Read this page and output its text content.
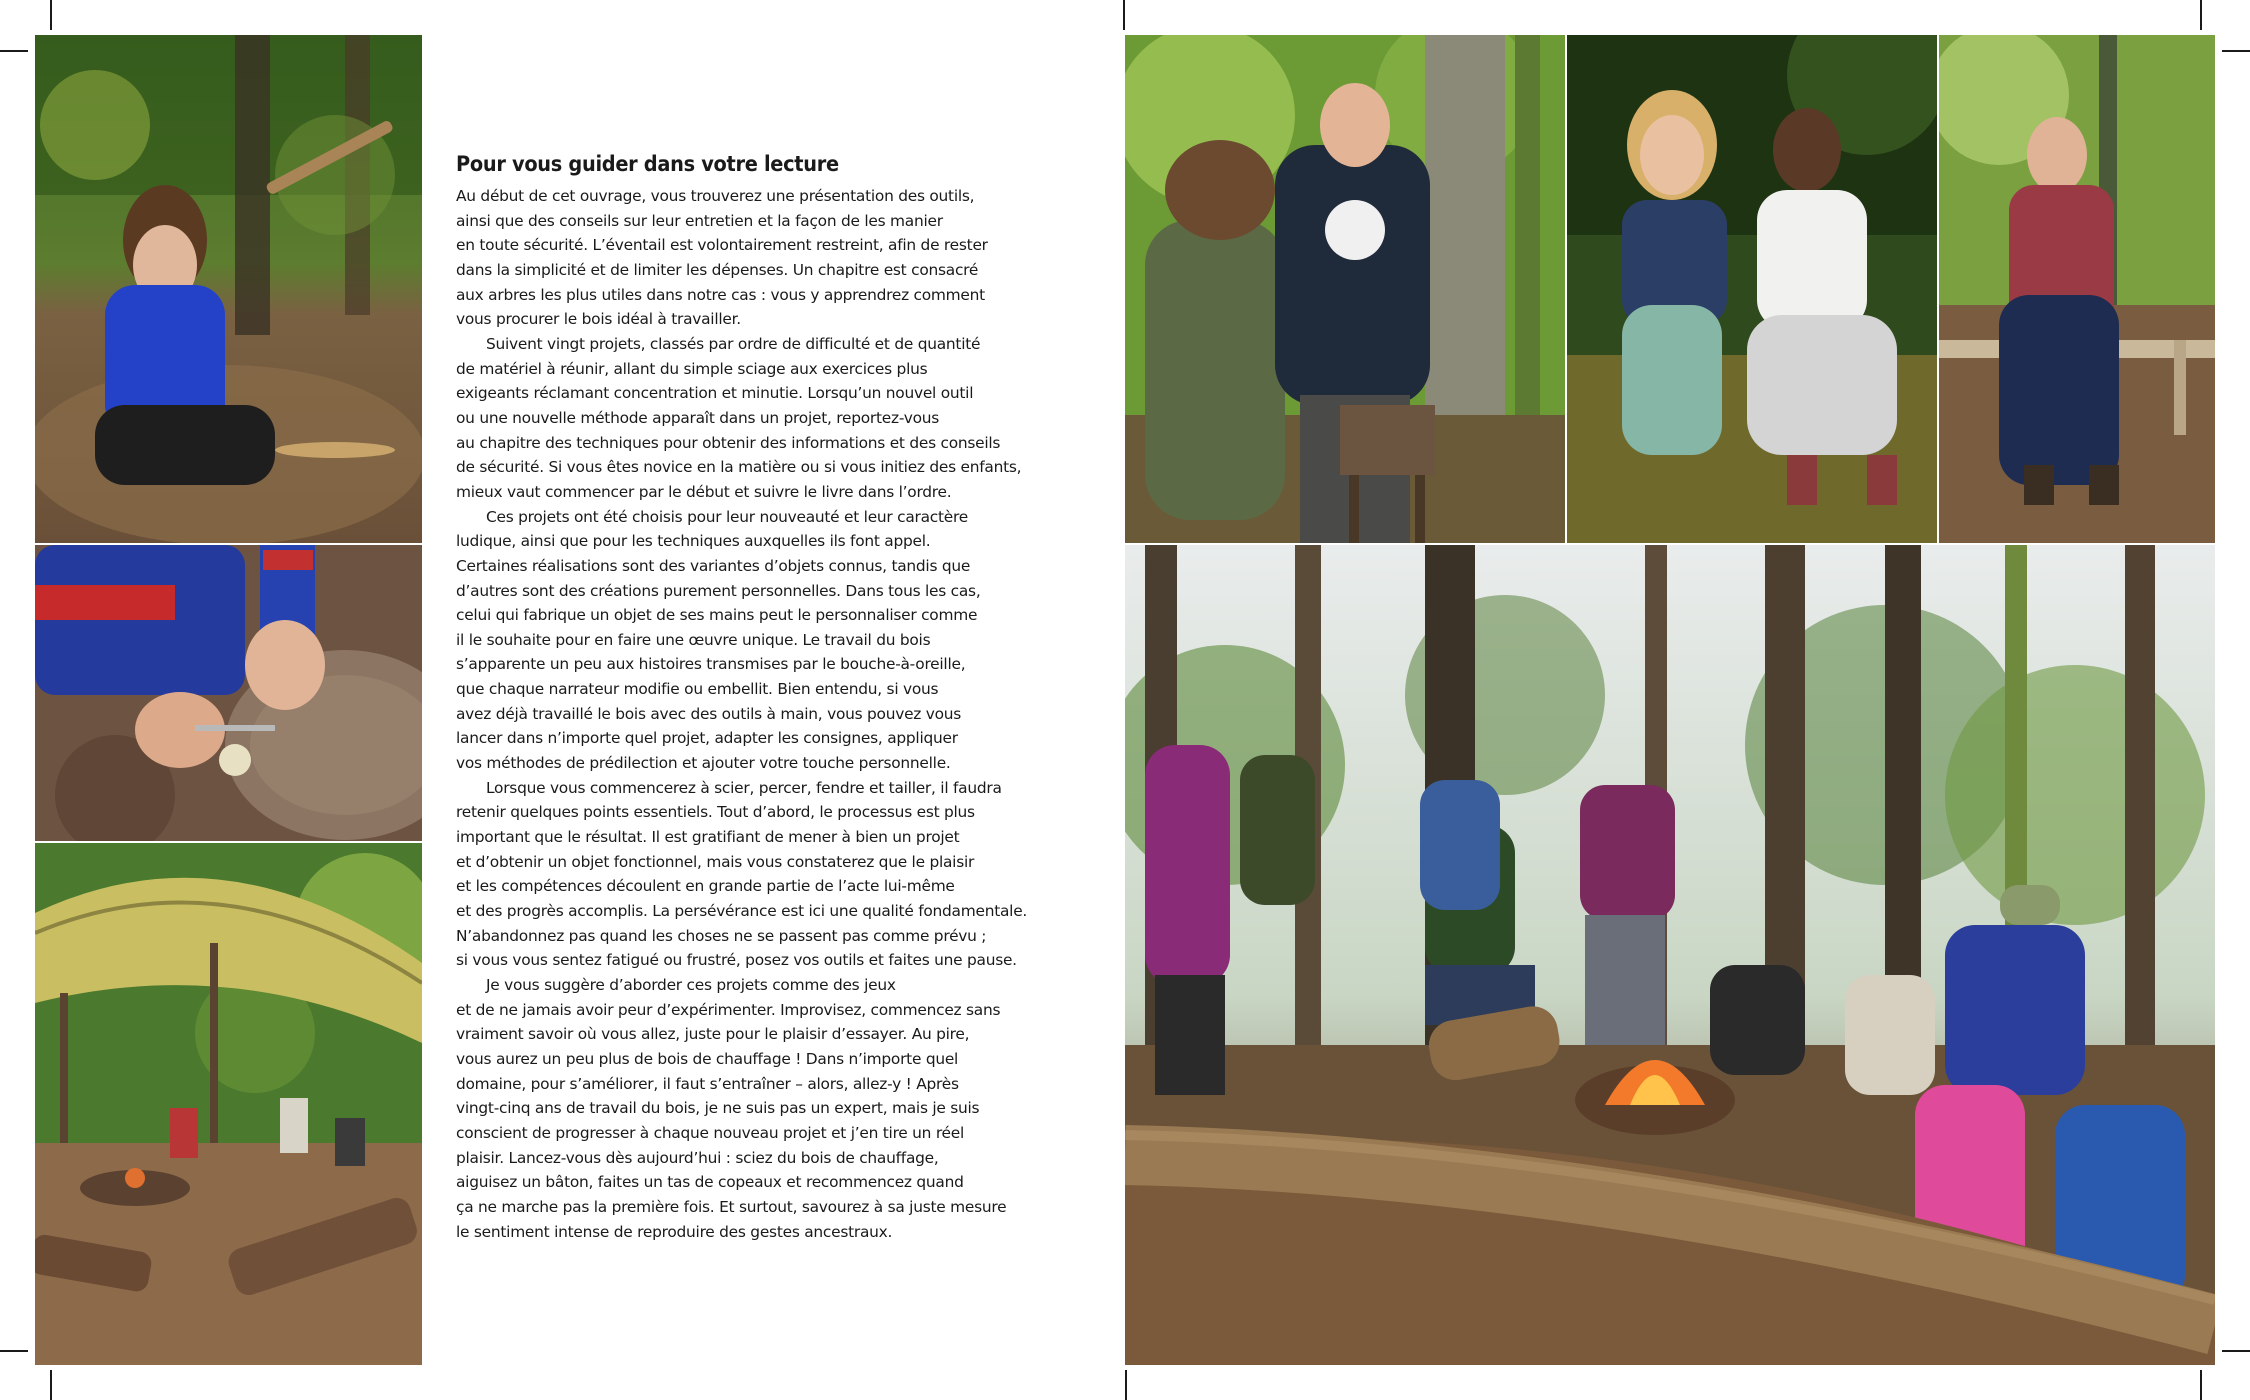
Pour vous guider dans votre lecture
Au début de cet ouvrage, vous trouverez une présentation des outils,
ainsi que des conseils sur leur entretien et la façon de les manier
en toute sécurité. L’éventail est volontairement restreint, afin de rester
dans la simplicité et de limiter les dépenses. Un chapitre est consacré
aux arbres les plus utiles dans notre cas : vous y apprendrez comment
vous procurer le bois idéal à travailler.
Suivent vingt projets, classés par ordre de difficulté et de quantité
de matériel à réunir, allant du simple sciage aux exercices plus
exigeants réclamant concentration et minutie. Lorsqu’un nouvel outil
ou une nouvelle méthode apparaît dans un projet, reportez-vous
au chapitre des techniques pour obtenir des informations et des conseils
de sécurité. Si vous êtes novice en la matière ou si vous initiez des enfants,
mieux vaut commencer par le début et suivre le livre dans l’ordre.
Ces projets ont été choisis pour leur nouveauté et leur caractère
ludique, ainsi que pour les techniques auxquelles ils font appel.
Certaines réalisations sont des variantes d’objets connus, tandis que
d’autres sont des créations purement personnelles. Dans tous les cas,
celui qui fabrique un objet de ses mains peut le personnaliser comme
il le souhaite pour en faire une œuvre unique. Le travail du bois
s’apparente un peu aux histoires transmises par le bouche-à-oreille,
que chaque narrateur modifie ou embellit. Bien entendu, si vous
avez déjà travaillé le bois avec des outils à main, vous pouvez vous
lancer dans n’importe quel projet, adapter les consignes, appliquer
vos méthodes de prédilection et ajouter votre touche personnelle.
Lorsque vous commencerez à scier, percer, fendre et tailler, il faudra
retenir quelques points essentiels. Tout d’abord, le processus est plus
important que le résultat. Il est gratifiant de mener à bien un projet
et d’obtenir un objet fonctionnel, mais vous constaterez que le plaisir
et les compétences découlent en grande partie de l’acte lui-même
et des progrès accomplis. La persévérance est ici une qualité fondamentale.
N’abandonnez pas quand les choses ne se passent pas comme prévu ;
si vous vous sentez fatigué ou frustré, posez vos outils et faites une pause.
Je vous suggère d’aborder ces projets comme des jeux
et de ne jamais avoir peur d’expérimenter. Improvisez, commencez sans
vraiment savoir où vous allez, juste pour le plaisir d’essayer. Au pire,
vous aurez un peu plus de bois de chauffage ! Dans n’importe quel
domaine, pour s’améliorer, il faut s’entraîner – alors, allez-y ! Après
vingt-cinq ans de travail du bois, je ne suis pas un expert, mais je suis
conscient de progresser à chaque nouveau projet et j’en tire un réel
plaisir. Lancez-vous dès aujourd’hui : sciez du bois de chauffage,
aiguisez un bâton, faites un tas de copeaux et recommencez quand
ça ne marche pas la première fois. Et surtout, savourez à sa juste mesure
le sentiment intense de reproduire des gestes ancestraux.
